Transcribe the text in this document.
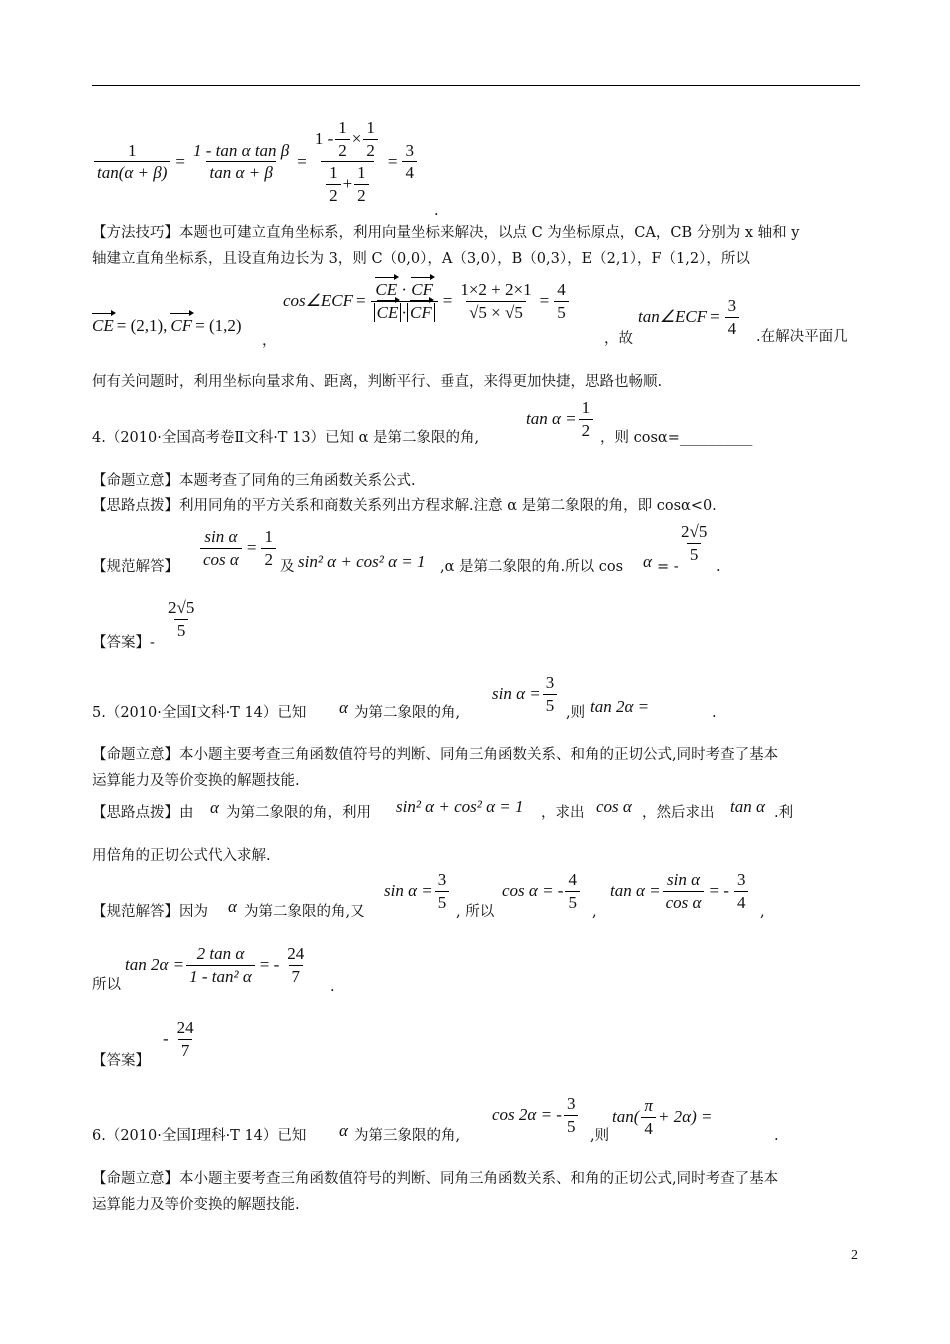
$\frac{1}{\tan(\alpha + \beta)} = \frac{\text{1 - tan α tan β}}{\text{tan α + β}} = \frac{1 - \frac{1}{2} \times \frac{1}{2}}{\frac{1}{2} + \frac{1}{2}} = \frac{3}{4}$
.
【方法技巧】本题也可建立直角坐标系，利用向量坐标来解决，以点 C 为坐标原点，CA，CB 分别为 x 轴和 y
轴建立直角坐标系，且设直角边长为 3，则 C（0,0），A（3,0），B（0,3），E（2,1），F（1,2），所以
CE = (2,1), CF = (1,2)
，
cos∠ECF = $\frac{CE \cdot CF}{CE \cdot CF} = \frac{1\times 2 + 2\times 1}{√5 \times √5} = \frac{4}{5}$
，故
tan∠ECF = $\frac{3}{4}$ .在解决平面几
何有关问题时，利用坐标向量求角、距离，判断平行、垂直，来得更加快捷，思路也畅顺.
4.（2010·全国高考卷Ⅱ文科·T 13）已知 α 是第二象限的角,
$\tan \alpha = \frac{1}{2}$ ，则 cosα=__________
【命题立意】本题考查了同角的三角函数关系公式.
【思路点拨】利用同角的平方关系和商数关系列出方程求解.注意 α 是第二象限的角，即 cosα<0.
【规范解答】 $\frac{\text{sin α}}{\text{cos α}} = \frac{1}{2}$ 及 sin² α + cos² α = 1 ,α 是第二象限的角.所以 cos α = -
$\frac{2√5}{5}$
.
【答案】-
$\frac{2√5}{5}$
5.（2010·全国Ⅰ文科·T 14）已知 α 为第二象限的角,
$\sin \alpha = \frac{3}{5}$ ,则 tan 2α =	.
【命题立意】本小题主要考查三角函数值符号的判断、同角三角函数关系、和角的正切公式,同时考查了基本
运算能力及等价变换的解题技能.
【思路点拨】由 α 为第二象限的角，利用 sin² α + cos² α = 1 ，求出 cos α ，然后求出 tan α .利
用倍角的正切公式代入求解.
【规范解答】因为 α 为第二象限的角,又
$\sin \alpha = \frac{3}{5}$ , 所以
cos α = - $\frac{4}{5}$ ,
$\tan \alpha = \frac{\text{sin α}}{\text{cos α}}$ = - $\frac{3}{4}$ ,
所以
$\tan 2\alpha = \frac{\text{2 tan α}}{\text{1 - tan² α}}$ = - $\frac{24}{7}$
.
【答案】
- $\frac{24}{7}$
6.（2010·全国Ⅰ理科·T 14）已知 α 为第三象限的角,
cos 2α = - $\frac{3}{5}$ ,则
$\tan( \frac{\pi}{4} + 2\alpha)$ =
.
【命题立意】本小题主要考查三角函数值符号的判断、同角三角函数关系、和角的正切公式,同时考查了基本
运算能力及等价变换的解题技能.
2
